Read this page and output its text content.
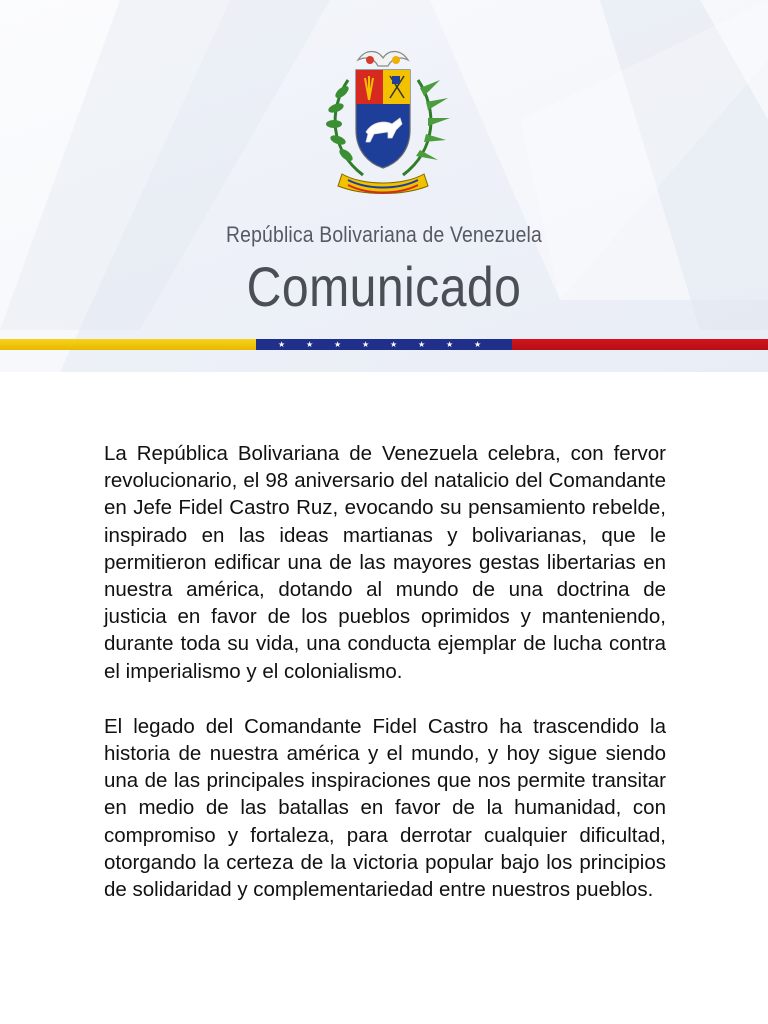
República Bolivariana de Venezuela
Comunicado
★	★	★	★	★	★	★	★

La República Bolivariana de Venezuela celebra, con fervor revolucionario, el 98 aniversario del natalicio del Comandante en Jefe Fidel Castro Ruz, evocando su pensamiento rebelde, inspirado en las ideas martianas y bolivarianas, que le permitieron edificar una de las mayores gestas libertarias en nuestra américa, dotando al mundo de una doctrina de justicia en favor de los pueblos oprimidos y manteniendo, durante toda su vida, una conducta ejemplar de lucha contra el imperialismo y el colonialismo.

El legado del Comandante Fidel Castro ha trascendido la historia de nuestra américa y el mundo, y hoy sigue siendo una de las principales inspiraciones que nos permite transitar en medio de las batallas en favor de la humanidad, con compromiso y fortaleza, para derrotar cualquier dificultad, otorgando la certeza de la victoria popular bajo los principios de solidaridad y complementariedad entre nuestros pueblos.
